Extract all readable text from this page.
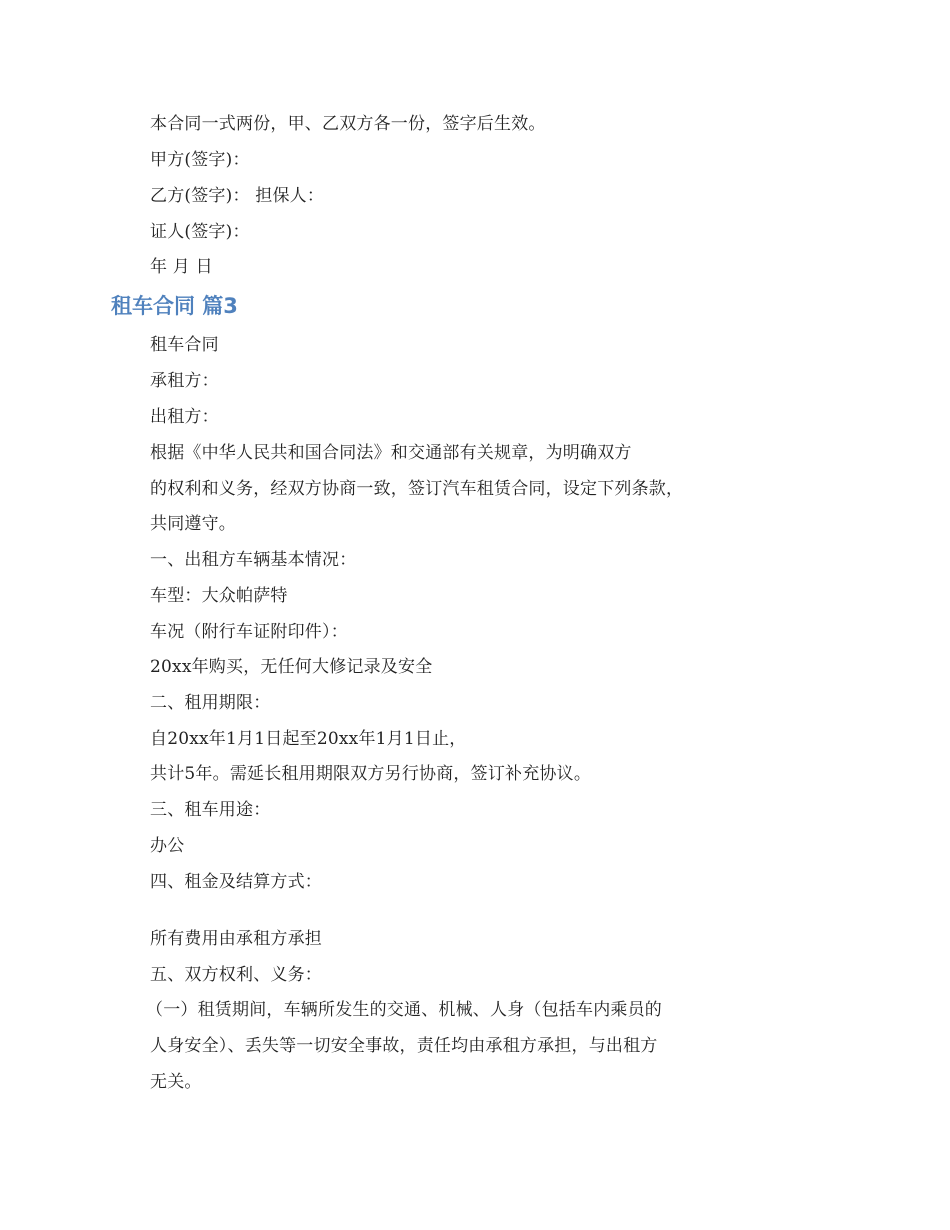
本合同一式两份，甲、乙双方各一份，签字后生效。
甲方(签字)：
乙方(签字)： 担保人：
证人(签字)：
年 月 日
租车合同 篇3
租车合同
承租方：
出租方：
根据《中华人民共和国合同法》和交通部有关规章，为明确双方
的权利和义务，经双方协商一致，签订汽车租赁合同，设定下列条款，
共同遵守。
一、出租方车辆基本情况：
车型：大众帕萨特
车况（附行车证附印件）：
20xx年购买，无任何大修记录及安全
二、租用期限：
自20xx年1月1日起至20xx年1月1日止，
共计5年。需延长租用期限双方另行协商，签订补充协议。
三、租车用途：
办公
四、租金及结算方式：
所有费用由承租方承担
五、双方权利、义务：
（一）租赁期间，车辆所发生的交通、机械、人身（包括车内乘员的
人身安全）、丢失等一切安全事故，责任均由承租方承担，与出租方
无关。
